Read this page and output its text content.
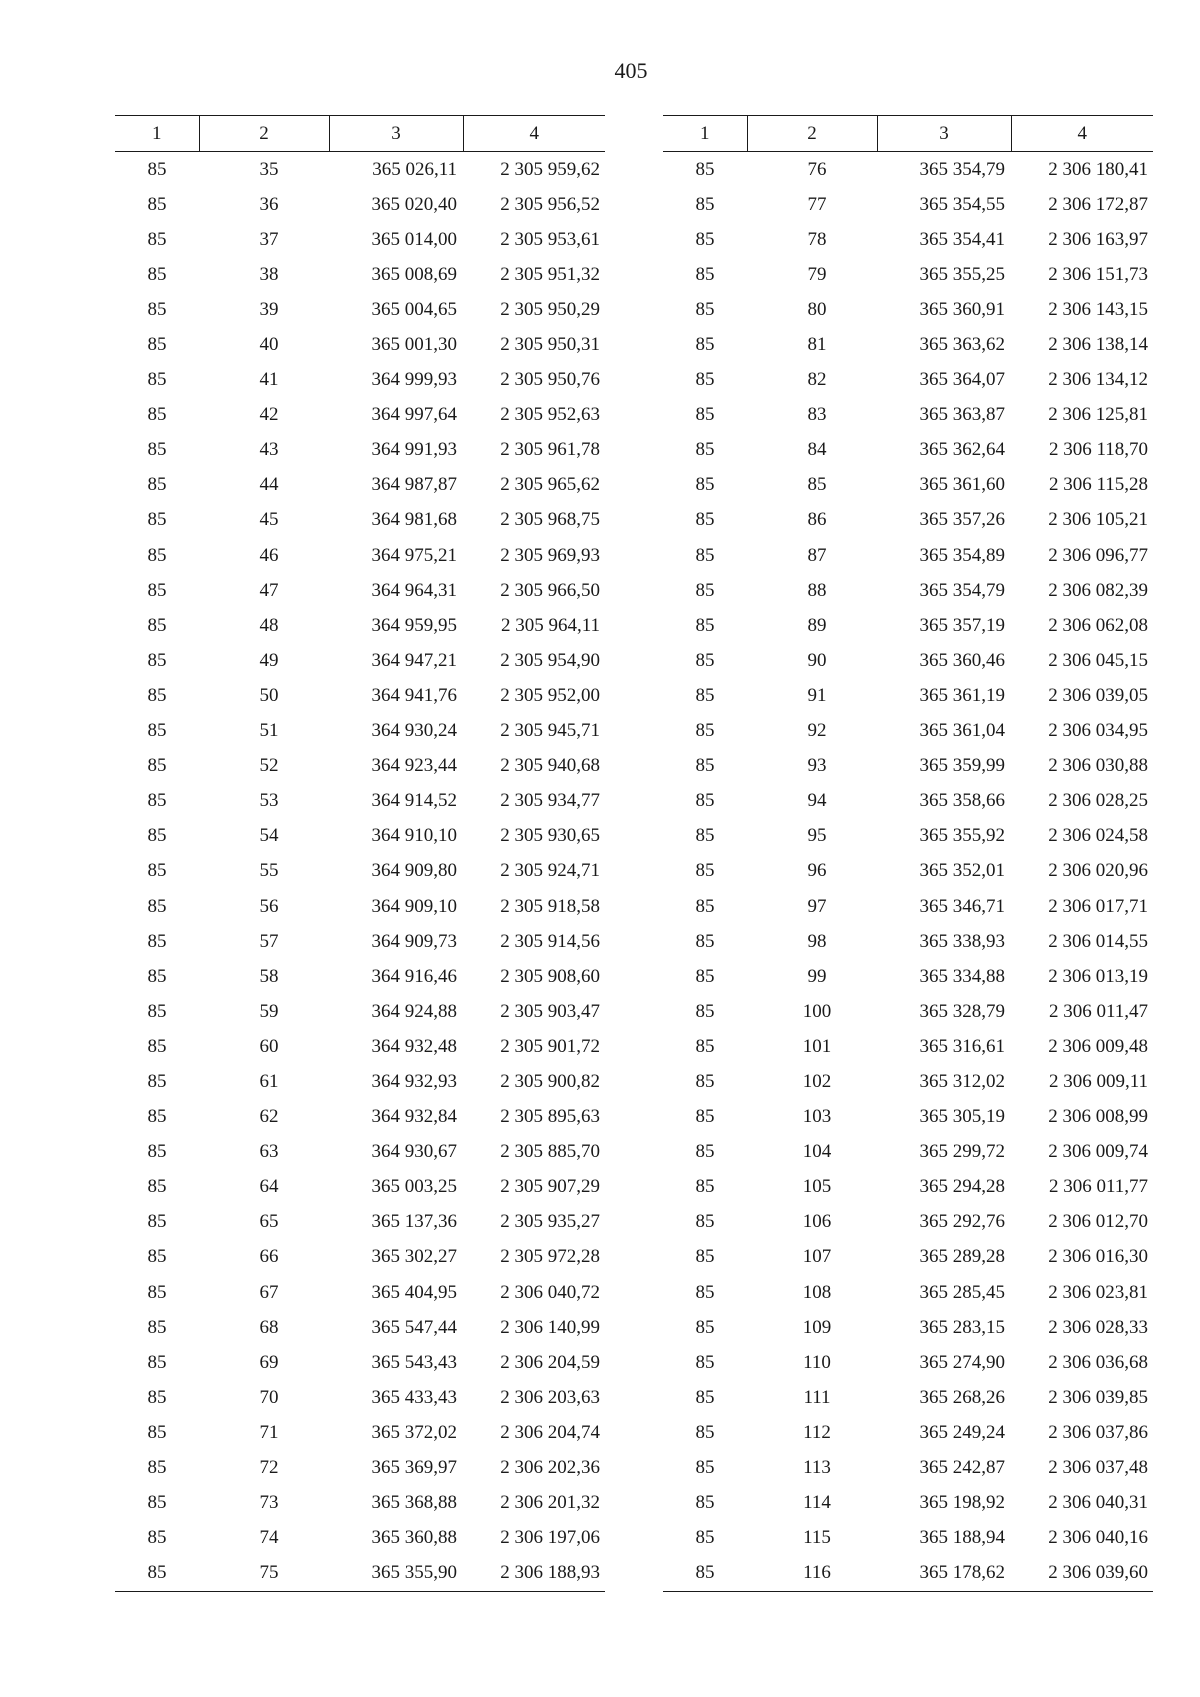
405
1	2	3	4
85	35	365 026,11	2 305 959,62
85	36	365 020,40	2 305 956,52
85	37	365 014,00	2 305 953,61
85	38	365 008,69	2 305 951,32
85	39	365 004,65	2 305 950,29
85	40	365 001,30	2 305 950,31
85	41	364 999,93	2 305 950,76
85	42	364 997,64	2 305 952,63
85	43	364 991,93	2 305 961,78
85	44	364 987,87	2 305 965,62
85	45	364 981,68	2 305 968,75
85	46	364 975,21	2 305 969,93
85	47	364 964,31	2 305 966,50
85	48	364 959,95	2 305 964,11
85	49	364 947,21	2 305 954,90
85	50	364 941,76	2 305 952,00
85	51	364 930,24	2 305 945,71
85	52	364 923,44	2 305 940,68
85	53	364 914,52	2 305 934,77
85	54	364 910,10	2 305 930,65
85	55	364 909,80	2 305 924,71
85	56	364 909,10	2 305 918,58
85	57	364 909,73	2 305 914,56
85	58	364 916,46	2 305 908,60
85	59	364 924,88	2 305 903,47
85	60	364 932,48	2 305 901,72
85	61	364 932,93	2 305 900,82
85	62	364 932,84	2 305 895,63
85	63	364 930,67	2 305 885,70
85	64	365 003,25	2 305 907,29
85	65	365 137,36	2 305 935,27
85	66	365 302,27	2 305 972,28
85	67	365 404,95	2 306 040,72
85	68	365 547,44	2 306 140,99
85	69	365 543,43	2 306 204,59
85	70	365 433,43	2 306 203,63
85	71	365 372,02	2 306 204,74
85	72	365 369,97	2 306 202,36
85	73	365 368,88	2 306 201,32
85	74	365 360,88	2 306 197,06
85	75	365 355,90	2 306 188,93
1	2	3	4
85	76	365 354,79	2 306 180,41
85	77	365 354,55	2 306 172,87
85	78	365 354,41	2 306 163,97
85	79	365 355,25	2 306 151,73
85	80	365 360,91	2 306 143,15
85	81	365 363,62	2 306 138,14
85	82	365 364,07	2 306 134,12
85	83	365 363,87	2 306 125,81
85	84	365 362,64	2 306 118,70
85	85	365 361,60	2 306 115,28
85	86	365 357,26	2 306 105,21
85	87	365 354,89	2 306 096,77
85	88	365 354,79	2 306 082,39
85	89	365 357,19	2 306 062,08
85	90	365 360,46	2 306 045,15
85	91	365 361,19	2 306 039,05
85	92	365 361,04	2 306 034,95
85	93	365 359,99	2 306 030,88
85	94	365 358,66	2 306 028,25
85	95	365 355,92	2 306 024,58
85	96	365 352,01	2 306 020,96
85	97	365 346,71	2 306 017,71
85	98	365 338,93	2 306 014,55
85	99	365 334,88	2 306 013,19
85	100	365 328,79	2 306 011,47
85	101	365 316,61	2 306 009,48
85	102	365 312,02	2 306 009,11
85	103	365 305,19	2 306 008,99
85	104	365 299,72	2 306 009,74
85	105	365 294,28	2 306 011,77
85	106	365 292,76	2 306 012,70
85	107	365 289,28	2 306 016,30
85	108	365 285,45	2 306 023,81
85	109	365 283,15	2 306 028,33
85	110	365 274,90	2 306 036,68
85	111	365 268,26	2 306 039,85
85	112	365 249,24	2 306 037,86
85	113	365 242,87	2 306 037,48
85	114	365 198,92	2 306 040,31
85	115	365 188,94	2 306 040,16
85	116	365 178,62	2 306 039,60
